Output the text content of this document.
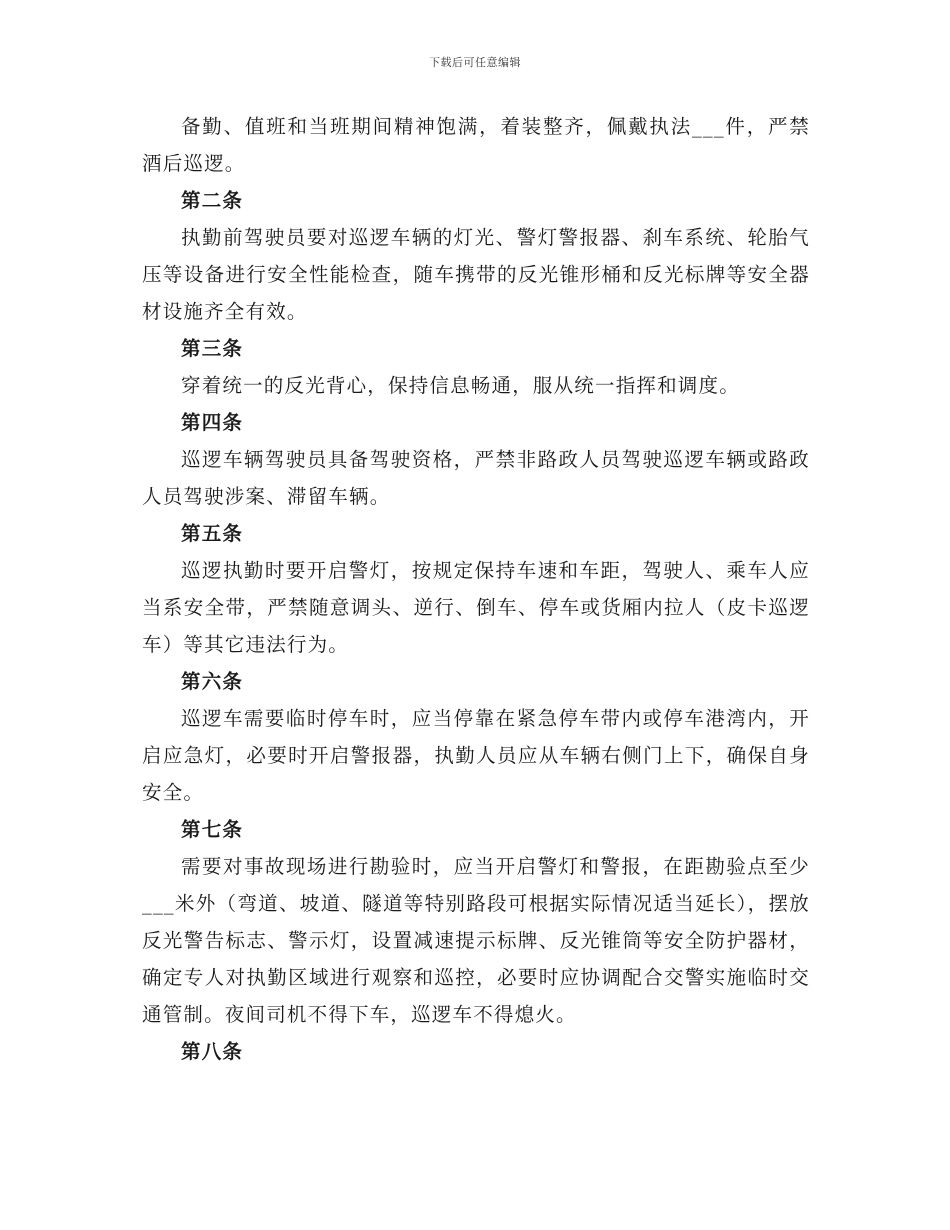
下载后可任意编辑

备勤、值班和当班期间精神饱满，着装整齐，佩戴执法___件，严禁酒后巡逻。

第二条

执勤前驾驶员要对巡逻车辆的灯光、警灯警报器、刹车系统、轮胎气压等设备进行安全性能检查，随车携带的反光锥形桶和反光标牌等安全器材设施齐全有效。

第三条

穿着统一的反光背心，保持信息畅通，服从统一指挥和调度。

第四条

巡逻车辆驾驶员具备驾驶资格，严禁非路政人员驾驶巡逻车辆或路政人员驾驶涉案、滞留车辆。

第五条

巡逻执勤时要开启警灯，按规定保持车速和车距，驾驶人、乘车人应当系安全带，严禁随意调头、逆行、倒车、停车或货厢内拉人（皮卡巡逻车）等其它违法行为。

第六条

巡逻车需要临时停车时，应当停靠在紧急停车带内或停车港湾内，开启应急灯，必要时开启警报器，执勤人员应从车辆右侧门上下，确保自身安全。

第七条

需要对事故现场进行勘验时，应当开启警灯和警报，在距勘验点至少___米外（弯道、坡道、隧道等特别路段可根据实际情况适当延长），摆放反光警告标志、警示灯，设置减速提示标牌、反光锥筒等安全防护器材，确定专人对执勤区域进行观察和巡控，必要时应协调配合交警实施临时交通管制。夜间司机不得下车，巡逻车不得熄火。

第八条
